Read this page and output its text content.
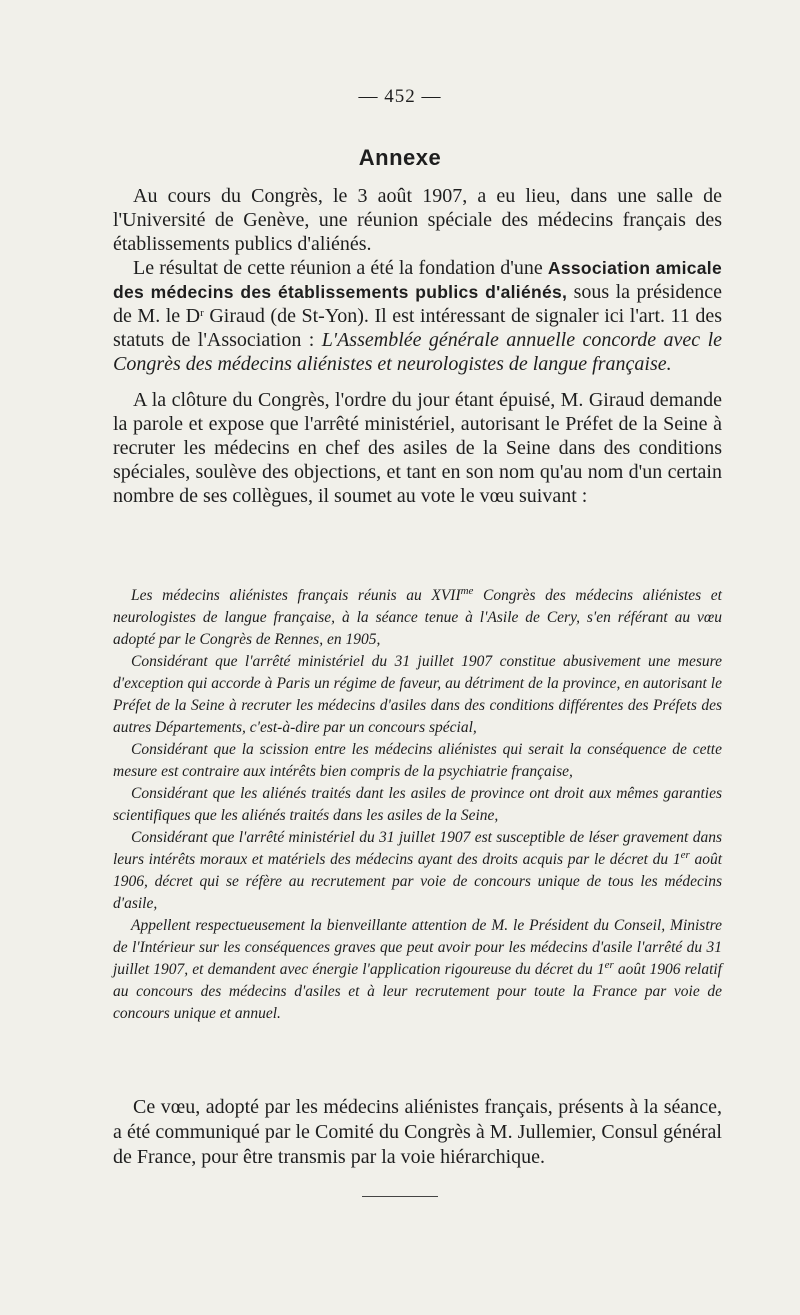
— 452 —
Annexe

Au cours du Congrès, le 3 août 1907, a eu lieu, dans une salle de l'Université de Genève, une réunion spéciale des médecins français des établissements publics d'aliénés.

Le résultat de cette réunion a été la fondation d'une Association amicale des médecins des établissements publics d'aliénés, sous la présidence de M. le $D^r$ Giraud (de St-Yon). Il est intéressant de signaler ici l'art. 11 des statuts de l'Association : L'Assemblée générale annuelle concorde avec le Congrès des médecins aliénistes et neurologistes de langue française.

A la clôture du Congrès, l'ordre du jour étant épuisé, M. Giraud demande la parole et expose que l'arrêté ministériel, autorisant le Préfet de la Seine à recruter les médecins en chef des asiles de la Seine dans des conditions spéciales, soulève des objections, et tant en son nom qu'au nom d'un certain nombre de ses collègues, il soumet au vote le vœu suivant :

Les médecins aliénistes français réunis au $XVII^{me}$ Congrès des médecins aliénistes et neurologistes de langue française, à la séance tenue à l'Asile de Cery, s'en référant au vœu adopté par le Congrès de Rennes, en 1905,

Considérant que l'arrêté ministériel du 31 juillet 1907 constitue abusivement une mesure d'exception qui accorde à Paris un régime de faveur, au détriment de la province, en autorisant le Préfet de la Seine à recruter les médecins d'asiles dans des conditions différentes des Préfets des autres Départements, c'est-à-dire par un concours spécial,

Considérant que la scission entre les médecins aliénistes qui serait la conséquence de cette mesure est contraire aux intérêts bien compris de la psychiatrie française,

Considérant que les aliénés traités dant les asiles de province ont droit aux mêmes garanties scientifiques que les aliénés traités dans les asiles de la Seine,

Considérant que l'arrêté ministériel du 31 juillet 1907 est susceptible de léser gravement dans leurs intérêts moraux et matériels des médecins ayant des droits acquis par le décret du 1er août 1906, décret qui se réfère au recrutement par voie de concours unique de tous les médecins d'asile,

Appellent respectueusement la bienveillante attention de M. le Président du Conseil, Ministre de l'Intérieur sur les conséquences graves que peut avoir pour les médecins d'asile l'arrêté du 31 juillet 1907, et demandent avec énergie l'application rigoureuse du décret du 1er août 1906 relatif au concours des médecins d'asiles et à leur recrutement pour toute la France par voie de concours unique et annuel.

Ce vœu, adopté par les médecins aliénistes français, présents à la séance, a été communiqué par le Comité du Congrès à M. Jullemier, Consul général de France, pour être transmis par la voie hiérarchique.
